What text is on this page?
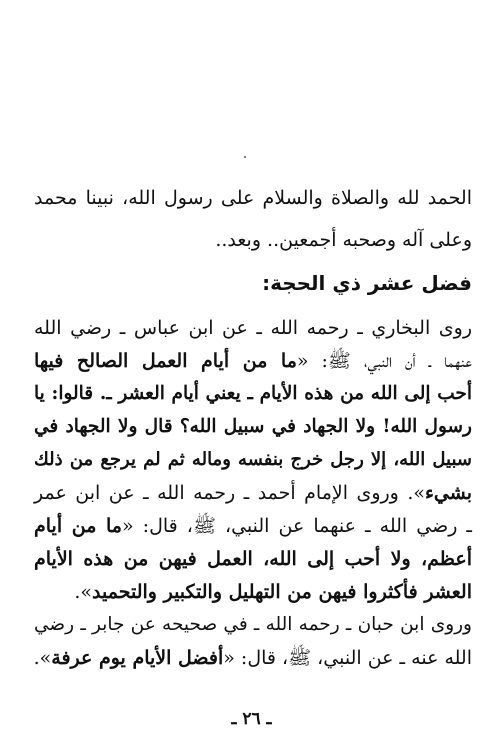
الحمد لله والصلاة والسلام على رسول الله، نبينا محمد
وعلى آله وصحبه أجمعين.. وبعد..
فضل عشر ذي الحجة:
روى البخاري ـ رحمه الله ـ عن ابن عباس ـ رضي الله
عنهما ـ أن النبي، ﷺ: «ما من أيام العمل الصالح فيها
أحب إلى الله من هذه الأيام ـ يعني أيام العشر ـ. قالوا: يا
رسول الله! ولا الجهاد في سبيل الله؟ قال ولا الجهاد في
سبيل الله، إلا رجل خرج بنفسه وماله ثم لم يرجع من ذلك
بشيء». وروى الإمام أحمد ـ رحمه الله ـ عن ابن عمر
ـ رضي الله ـ عنهما عن النبي، ﷺ، قال: «ما من أيام
أعظم، ولا أحب إلى الله، العمل فيهن من هذه الأيام
العشر فأكثروا فيهن من التهليل والتكبير والتحميد».
وروى ابن حبان ـ رحمه الله ـ في صحيحه عن جابر ـ رضي
الله عنه ـ عن النبي، ﷺ، قال: «أفضل الأيام يوم عرفة».
ـ ٢٦ ـ
